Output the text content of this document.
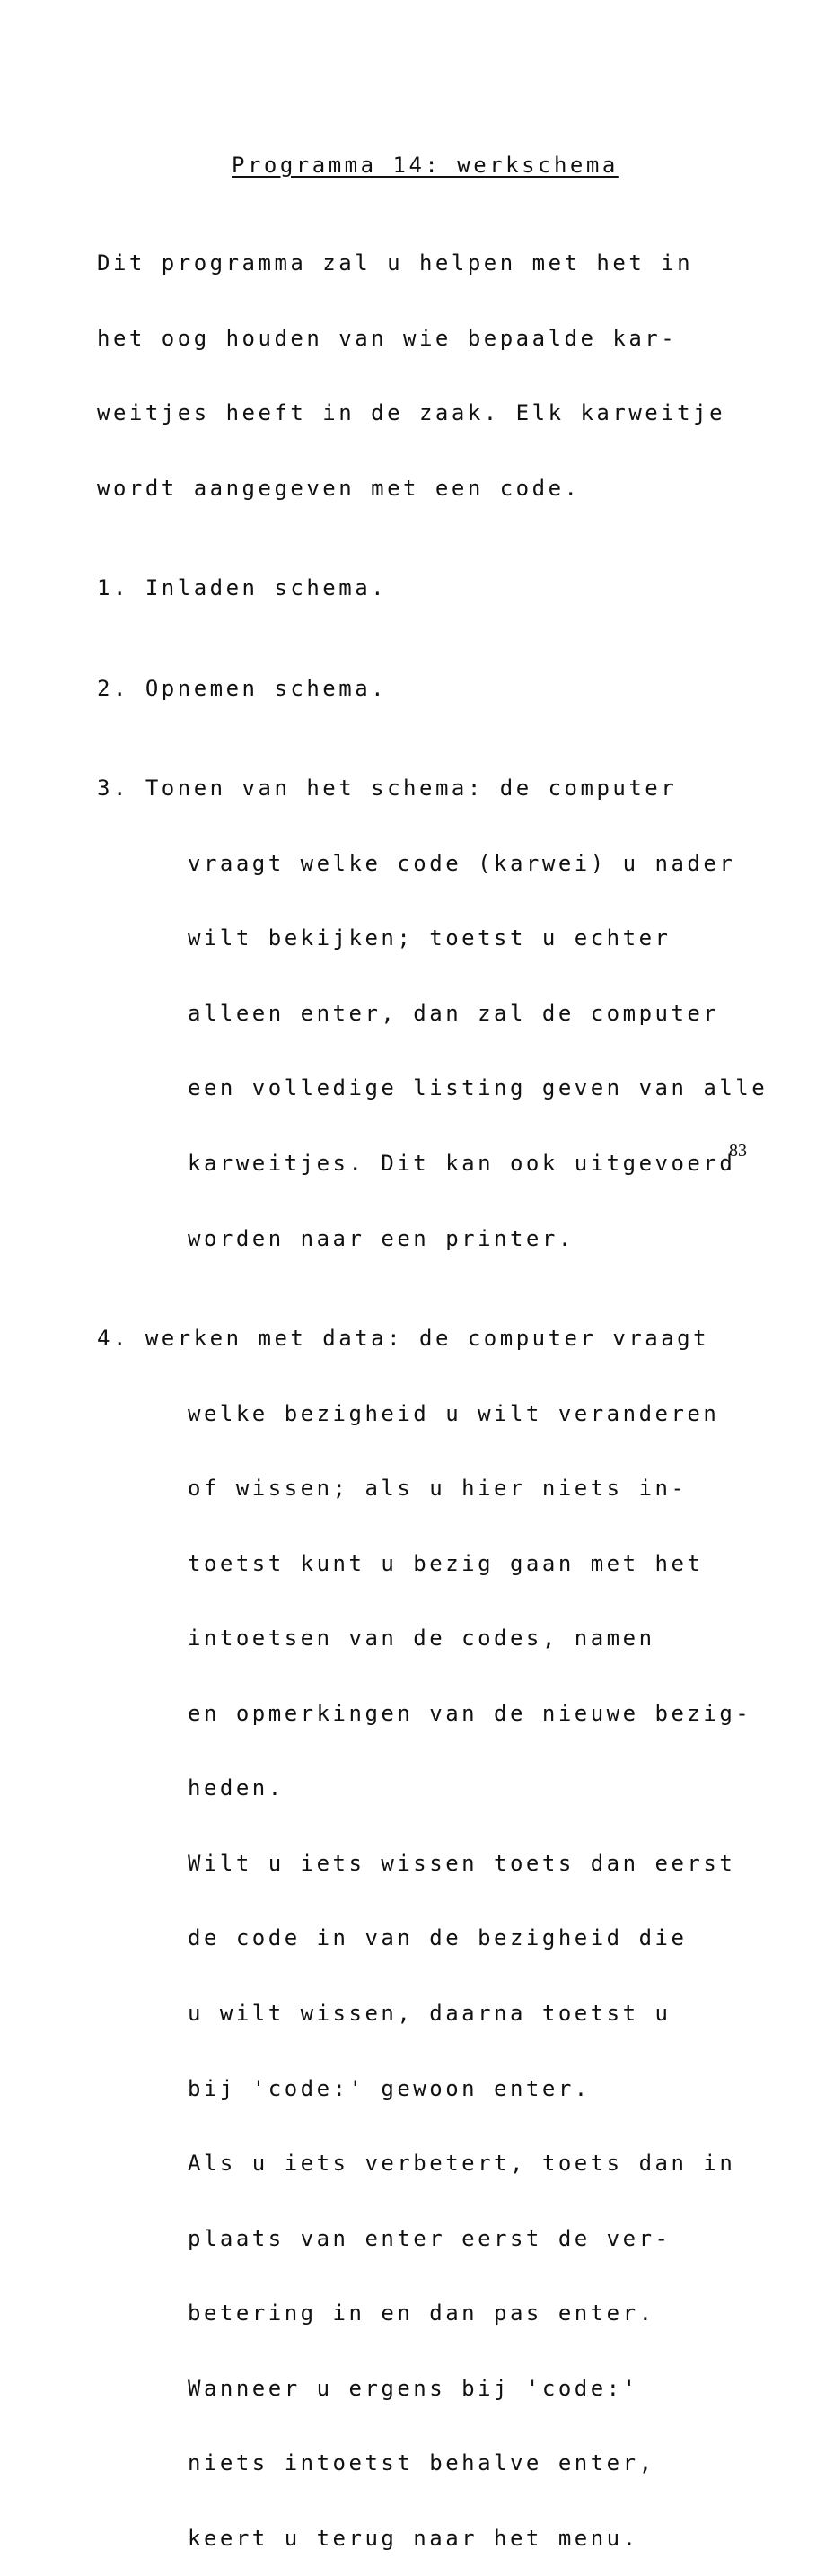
Programma 14: werkschema

Dit programma zal u helpen met het in

het oog houden van wie bepaalde kar-

weitjes heeft in de zaak. Elk karweitje

wordt aangegeven met een code.

1. Inladen schema.

2. Opnemen schema.

3. Tonen van het schema: de computer

vraagt welke code (karwei) u nader

wilt bekijken; toetst u echter

alleen enter, dan zal de computer

een volledige listing geven van alle

karweitjes. Dit kan ook uitgevoerd

worden naar een printer.

4. werken met data: de computer vraagt

welke bezigheid u wilt veranderen

of wissen; als u hier niets in-

toetst kunt u bezig gaan met het

intoetsen van de codes, namen

en opmerkingen van de nieuwe bezig-

heden.

Wilt u iets wissen toets dan eerst

de code in van de bezigheid die

u wilt wissen, daarna toetst u

bij 'code:' gewoon enter.

Als u iets verbetert, toets dan in

plaats van enter eerst de ver-

betering in en dan pas enter.

Wanneer u ergens bij 'code:'

niets intoetst behalve enter,

keert u terug naar het menu.

83
